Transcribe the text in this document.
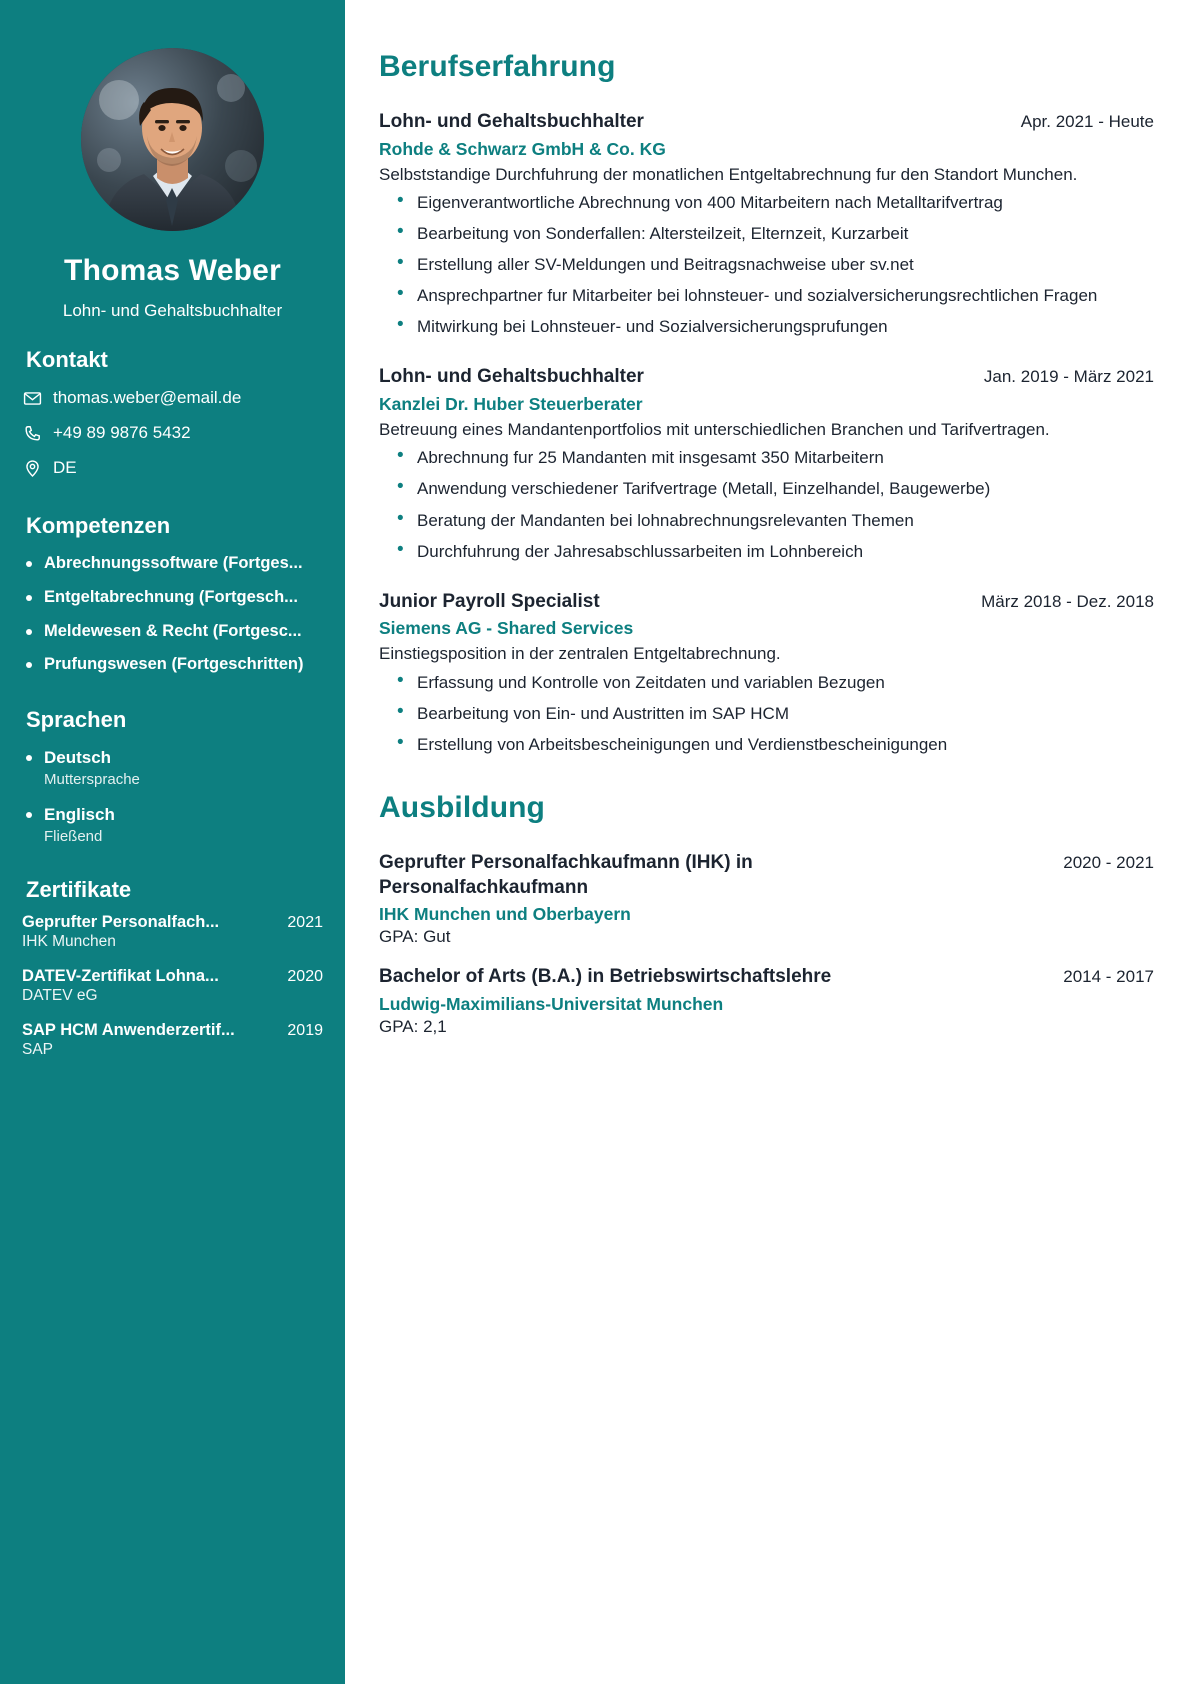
Thomas Weber
Lohn- und Gehaltsbuchhalter
Kontakt
thomas.weber@email.de
+49 89 9876 5432
DE
Kompetenzen
Abrechnungssoftware (Fortges...
Entgeltabrechnung (Fortgesch...
Meldewesen & Recht (Fortgesc...
Prufungswesen (Fortgeschritten)
Sprachen
Deutsch
Muttersprache
Englisch
Fließend
Zertifikate
Geprufter Personalfach...	2021
IHK Munchen
DATEV-Zertifikat Lohna...	2020
DATEV eG
SAP HCM Anwenderzertif...	2019
SAP
Berufserfahrung
Lohn- und Gehaltsbuchhalter	Apr. 2021 - Heute
Rohde & Schwarz GmbH & Co. KG
Selbststandige Durchfuhrung der monatlichen Entgeltabrechnung fur den Standort Munchen.
• Eigenverantwortliche Abrechnung von 400 Mitarbeitern nach Metalltarifvertrag
• Bearbeitung von Sonderfallen: Altersteilzeit, Elternzeit, Kurzarbeit
• Erstellung aller SV-Meldungen und Beitragsnachweise uber sv.net
• Ansprechpartner fur Mitarbeiter bei lohnsteuer- und sozialversicherungsrechtlichen Fragen
• Mitwirkung bei Lohnsteuer- und Sozialversicherungsprufungen
Lohn- und Gehaltsbuchhalter	Jan. 2019 - März 2021
Kanzlei Dr. Huber Steuerberater
Betreuung eines Mandantenportfolios mit unterschiedlichen Branchen und Tarifvertragen.
• Abrechnung fur 25 Mandanten mit insgesamt 350 Mitarbeitern
• Anwendung verschiedener Tarifvertrage (Metall, Einzelhandel, Baugewerbe)
• Beratung der Mandanten bei lohnabrechnungsrelevanten Themen
• Durchfuhrung der Jahresabschlussarbeiten im Lohnbereich
Junior Payroll Specialist	März 2018 - Dez. 2018
Siemens AG - Shared Services
Einstiegsposition in der zentralen Entgeltabrechnung.
• Erfassung und Kontrolle von Zeitdaten und variablen Bezugen
• Bearbeitung von Ein- und Austritten im SAP HCM
• Erstellung von Arbeitsbescheinigungen und Verdienstbescheinigungen
Ausbildung
Geprufter Personalfachkaufmann (IHK) in Personalfachkaufmann
2020 - 2021
IHK Munchen und Oberbayern
GPA: Gut
Bachelor of Arts (B.A.) in Betriebswirtschaftslehre	2014 - 2017
Ludwig-Maximilians-Universitat Munchen
GPA: 2,1
